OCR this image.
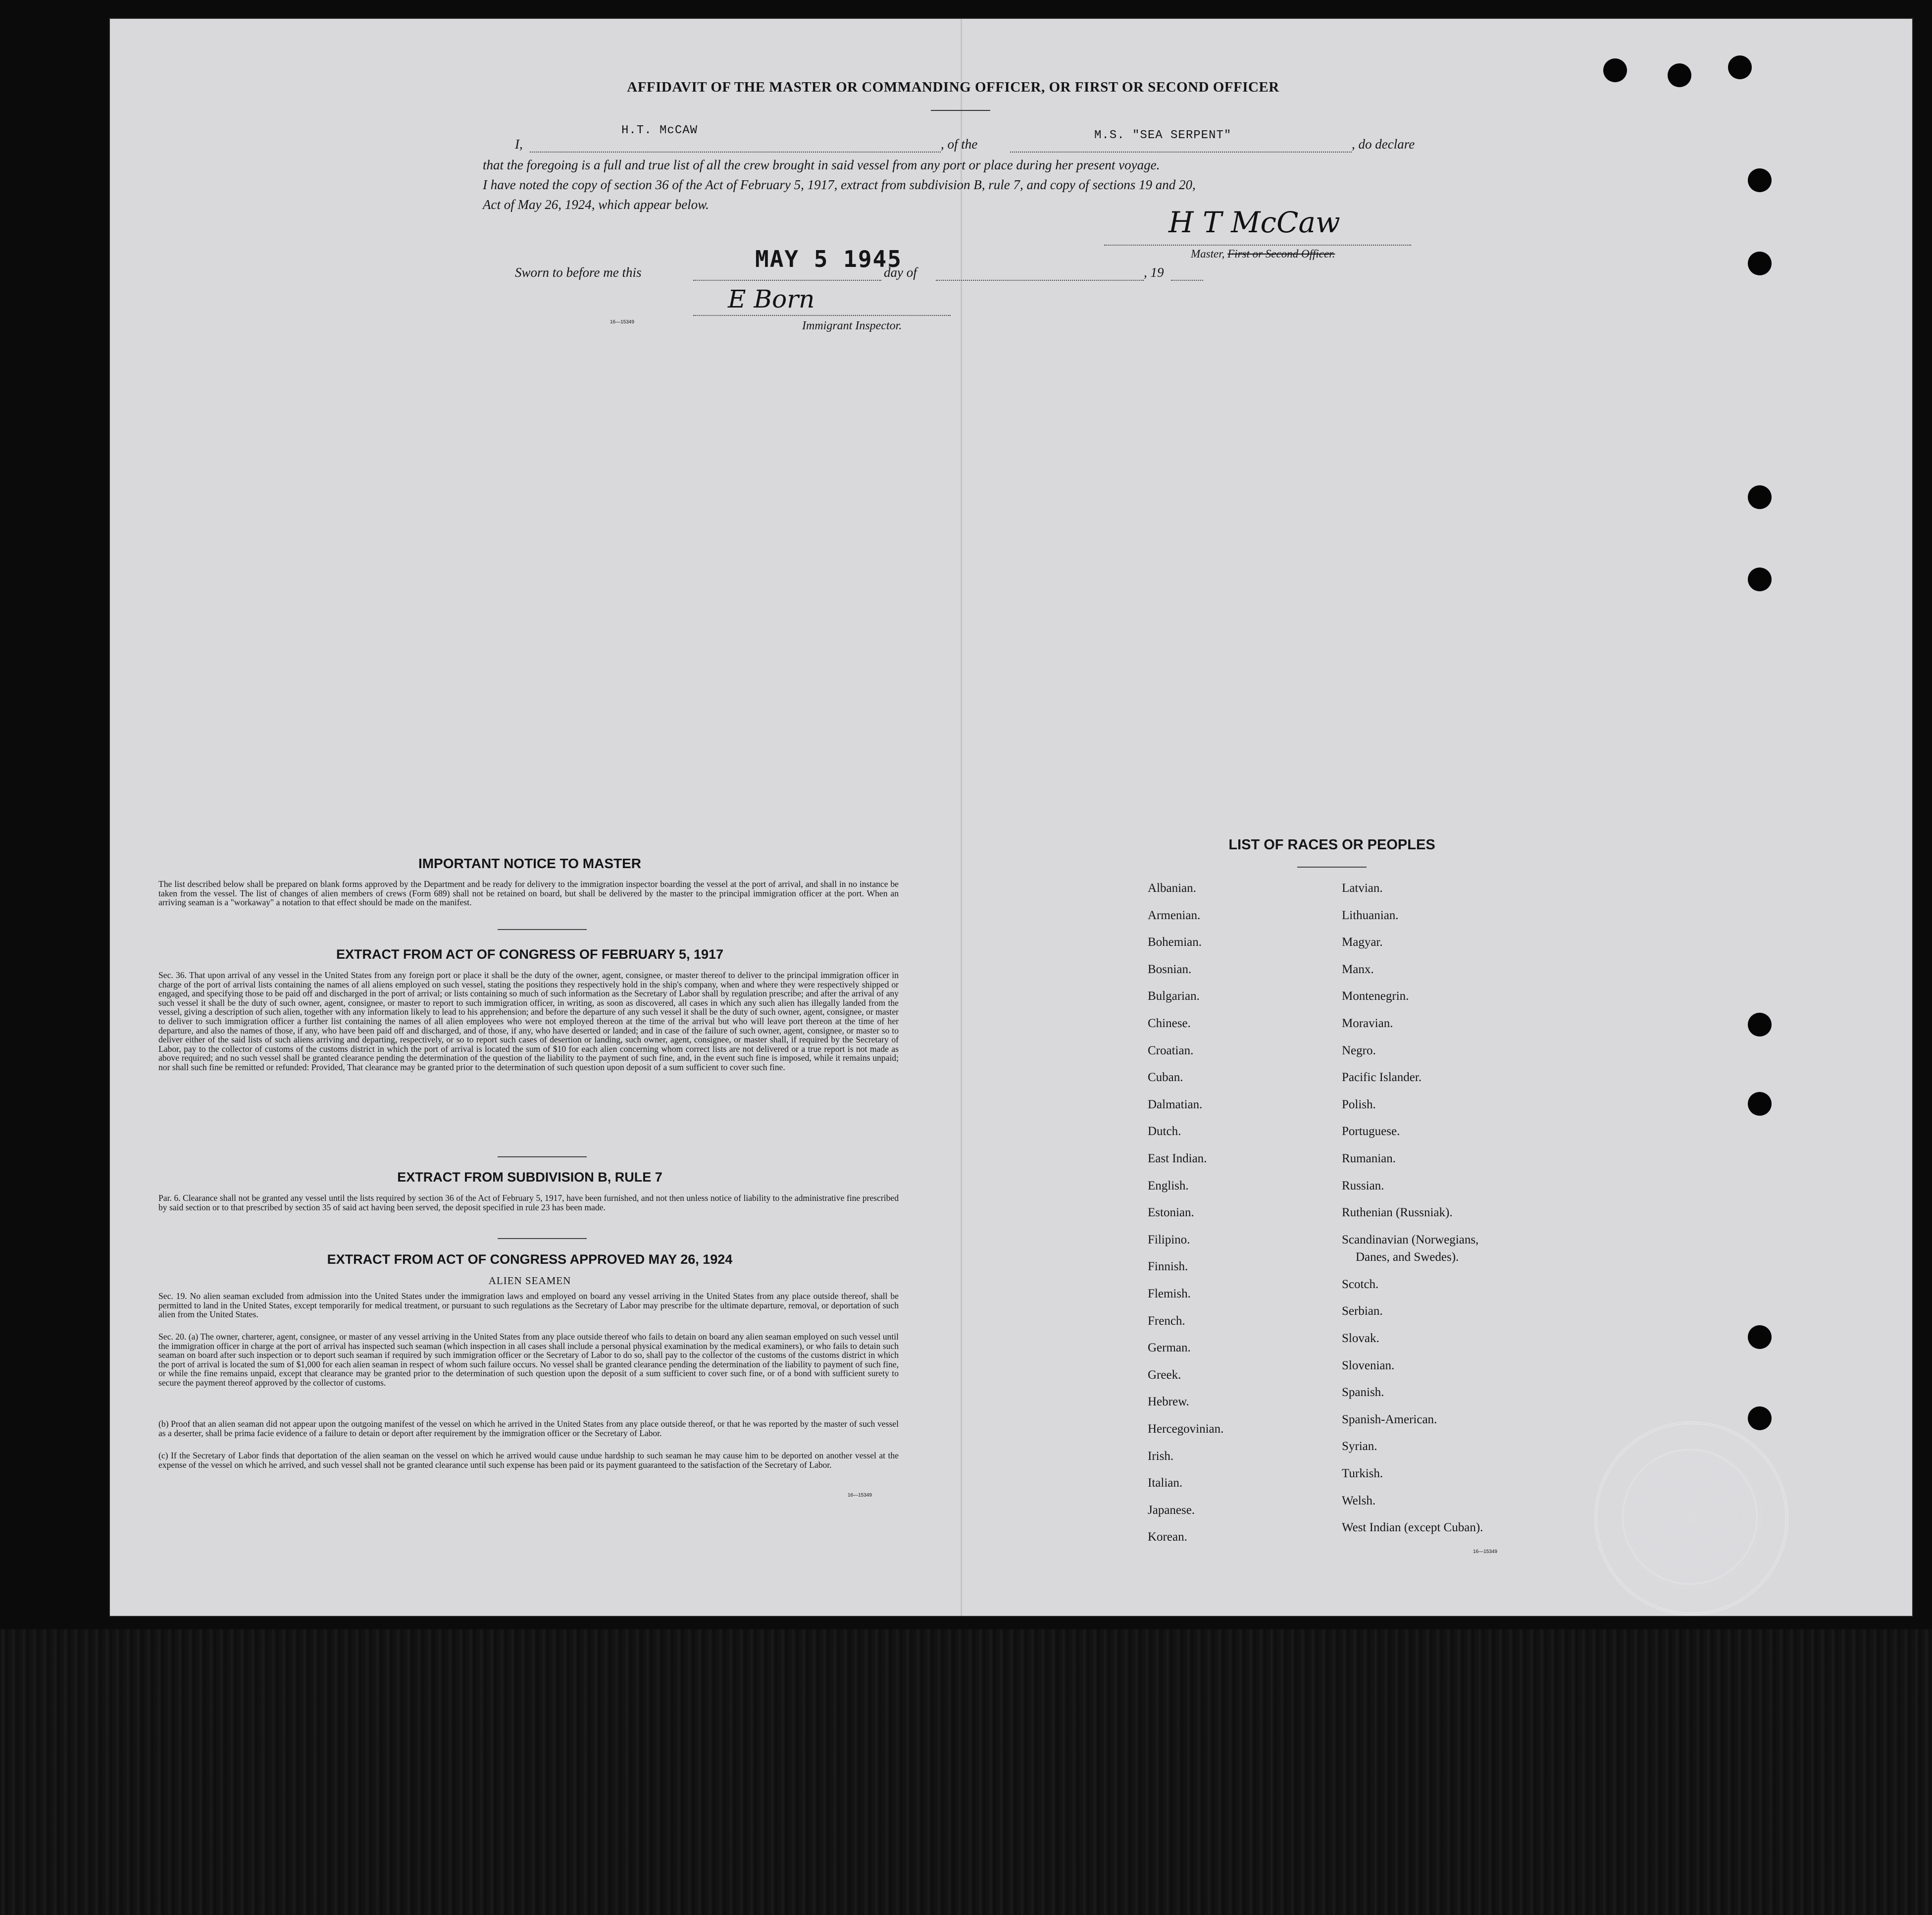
AFFIDAVIT OF THE MASTER OR COMMANDING OFFICER, OR FIRST OR SECOND OFFICER
I,
H.T. McCAW
, of the
M.S. "SEA SERPENT"
, do declare
that the foregoing is a full and true list of all the crew brought in said vessel from any port or place during her present voyage.
I have noted the copy of section 36 of the Act of February 5, 1917, extract from subdivision B, rule 7, and copy of sections 19 and 20,
Act of May 26, 1924, which appear below.
H T McCaw
Master, First or Second Officer.
Sworn to before me this	MAY 5 1945
day of	, 19
E Born
Immigrant Inspector.
16—15349
IMPORTANT NOTICE TO MASTER
The list described below shall be prepared on blank forms approved by the Department and be ready for delivery to the immigration inspector boarding the vessel at the port of arrival, and shall in no instance be taken from the vessel. The list of changes of alien members of crews (Form 689) shall not be retained on board, but shall be delivered by the master to the principal immigration officer at the port. When an arriving seaman is a "workaway" a notation to that effect should be made on the manifest.
EXTRACT FROM ACT OF CONGRESS OF FEBRUARY 5, 1917
Sec. 36. That upon arrival of any vessel in the United States from any foreign port or place it shall be the duty of the owner, agent, consignee, or master thereof to deliver to the principal immigration officer in charge of the port of arrival lists containing the names of all aliens employed on such vessel, stating the positions they respectively hold in the ship's company, when and where they were respectively shipped or engaged, and specifying those to be paid off and discharged in the port of arrival; or lists containing so much of such information as the Secretary of Labor shall by regulation prescribe; and after the arrival of any such vessel it shall be the duty of such owner, agent, consignee, or master to report to such immigration officer, in writing, as soon as discovered, all cases in which any such alien has illegally landed from the vessel, giving a description of such alien, together with any information likely to lead to his apprehension; and before the departure of any such vessel it shall be the duty of such owner, agent, consignee, or master to deliver to such immigration officer a further list containing the names of all alien employees who were not employed thereon at the time of the arrival but who will leave port thereon at the time of her departure, and also the names of those, if any, who have been paid off and discharged, and of those, if any, who have deserted or landed; and in case of the failure of such owner, agent, consignee, or master so to deliver either of the said lists of such aliens arriving and departing, respectively, or so to report such cases of desertion or landing, such owner, agent, consignee, or master shall, if required by the Secretary of Labor, pay to the collector of customs of the customs district in which the port of arrival is located the sum of $10 for each alien concerning whom correct lists are not delivered or a true report is not made as above required; and no such vessel shall be granted clearance pending the determination of the question of the liability to the payment of such fine, and, in the event such fine is imposed, while it remains unpaid; nor shall such fine be remitted or refunded: Provided, That clearance may be granted prior to the determination of such question upon deposit of a sum sufficient to cover such fine.
EXTRACT FROM SUBDIVISION B, RULE 7
Par. 6. Clearance shall not be granted any vessel until the lists required by section 36 of the Act of February 5, 1917, have been furnished, and not then unless notice of liability to the administrative fine prescribed by said section or to that prescribed by section 35 of said act having been served, the deposit specified in rule 23 has been made.
EXTRACT FROM ACT OF CONGRESS APPROVED MAY 26, 1924
ALIEN SEAMEN
Sec. 19. No alien seaman excluded from admission into the United States under the immigration laws and employed on board any vessel arriving in the United States from any place outside thereof, shall be permitted to land in the United States, except temporarily for medical treatment, or pursuant to such regulations as the Secretary of Labor may prescribe for the ultimate departure, removal, or deportation of such alien from the United States.
Sec. 20. (a) The owner, charterer, agent, consignee, or master of any vessel arriving in the United States from any place outside thereof who fails to detain on board any alien seaman employed on such vessel until the immigration officer in charge at the port of arrival has inspected such seaman (which inspection in all cases shall include a personal physical examination by the medical examiners), or who fails to detain such seaman on board after such inspection or to deport such seaman if required by such immigration officer or the Secretary of Labor to do so, shall pay to the collector of the customs of the customs district in which the port of arrival is located the sum of $1,000 for each alien seaman in respect of whom such failure occurs. No vessel shall be granted clearance pending the determination of the liability to payment of such fine, or while the fine remains unpaid, except that clearance may be granted prior to the determination of such question upon the deposit of a sum sufficient to cover such fine, or of a bond with sufficient surety to secure the payment thereof approved by the collector of customs.
(b) Proof that an alien seaman did not appear upon the outgoing manifest of the vessel on which he arrived in the United States from any place outside thereof, or that he was reported by the master of such vessel as a deserter, shall be prima facie evidence of a failure to detain or deport after requirement by the immigration officer or the Secretary of Labor.
(c) If the Secretary of Labor finds that deportation of the alien seaman on the vessel on which he arrived would cause undue hardship to such seaman he may cause him to be deported on another vessel at the expense of the vessel on which he arrived, and such vessel shall not be granted clearance until such expense has been paid or its payment guaranteed to the satisfaction of the Secretary of Labor.
16—15349
LIST OF RACES OR PEOPLES
Albanian.
Armenian.
Bohemian.
Bosnian.
Bulgarian.
Chinese.
Croatian.
Cuban.
Dalmatian.
Dutch.
East Indian.
English.
Estonian.
Filipino.
Finnish.
Flemish.
French.
German.
Greek.
Hebrew.
Hercegovinian.
Irish.
Italian.
Japanese.
Korean.
Latvian.
Lithuanian.
Magyar.
Manx.
Montenegrin.
Moravian.
Negro.
Pacific Islander.
Polish.
Portuguese.
Rumanian.
Russian.
Ruthenian (Russniak).
Scandinavian (Norwegians,
Danes, and Swedes).
Scotch.
Serbian.
Slovak.
Slovenian.
Spanish.
Spanish-American.
Syrian.
Turkish.
Welsh.
West Indian (except Cuban).
16—15349
